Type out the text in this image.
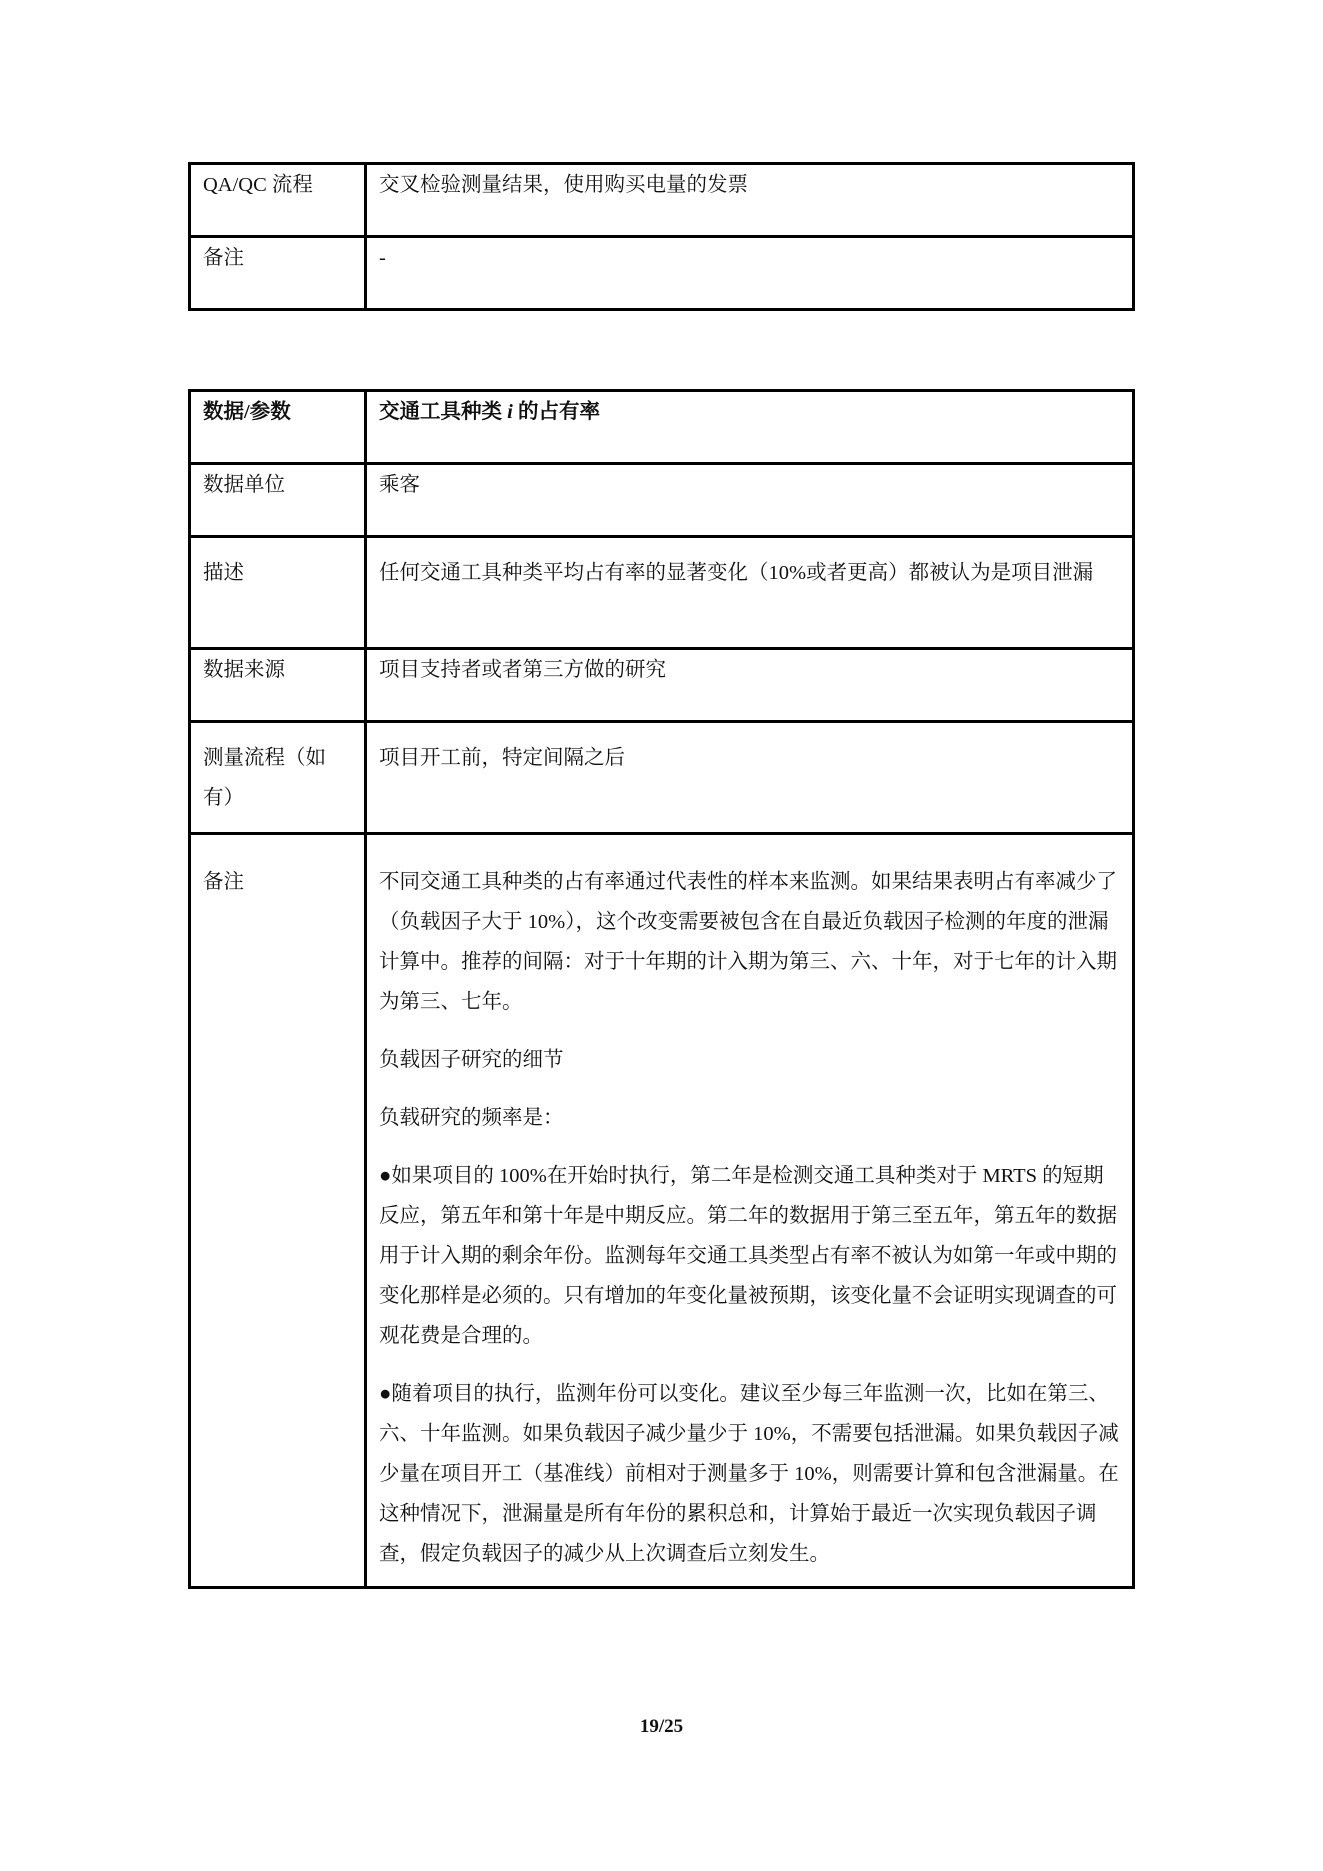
QA/QC 流程	交叉检验测量结果，使用购买电量的发票
备注	-
数据/参数	交通工具种类 i 的占有率
数据单位	乘客
描述	任何交通工具种类平均占有率的显著变化（10%或者更高）都被认为是项目泄漏
数据来源	项目支持者或者第三方做的研究
测量流程（如有）	项目开工前，特定间隔之后
备注	不同交通工具种类的占有率通过代表性的样本来监测。如果结果表明占有率减少了（负载因子大于 10%），这个改变需要被包含在自最近负载因子检测的年度的泄漏计算中。推荐的间隔：对于十年期的计入期为第三、六、十年，对于七年的计入期为第三、七年。

负载因子研究的细节

负载研究的频率是：

●如果项目的 100%在开始时执行，第二年是检测交通工具种类对于 MRTS 的短期反应，第五年和第十年是中期反应。第二年的数据用于第三至五年，第五年的数据用于计入期的剩余年份。监测每年交通工具类型占有率不被认为如第一年或中期的变化那样是必须的。只有增加的年变化量被预期，该变化量不会证明实现调查的可观花费是合理的。

●随着项目的执行，监测年份可以变化。建议至少每三年监测一次，比如在第三、六、十年监测。如果负载因子减少量少于 10%，不需要包括泄漏。如果负载因子减少量在项目开工（基准线）前相对于测量多于 10%，则需要计算和包含泄漏量。在这种情况下，泄漏量是所有年份的累积总和，计算始于最近一次实现负载因子调查，假定负载因子的减少从上次调查后立刻发生。

19/25
